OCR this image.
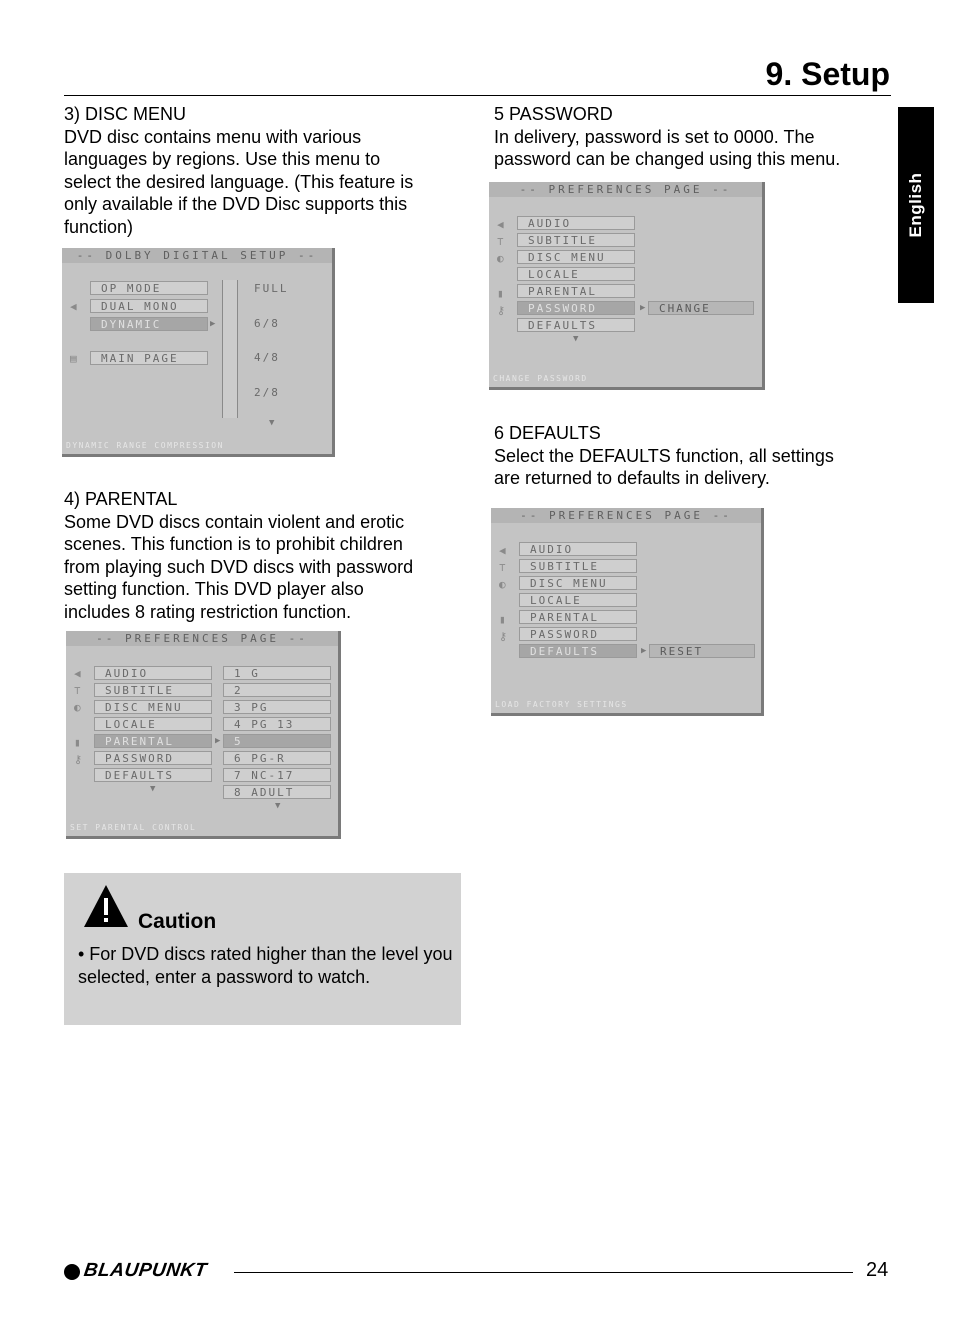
9. Setup
English
3) DISC MENU
DVD disc contains menu with various
languages by regions. Use this menu to
select the desired language. (This feature is
only available if the DVD Disc supports this
function)
-- DOLBY DIGITAL SETUP --
◀
▤
OP MODE
DUAL MONO
DYNAMIC	▶
MAIN PAGE
FULL
6/8
4/8
2/8
▼
DYNAMIC RANGE COMPRESSION
4) PARENTAL
Some DVD discs contain violent and erotic
scenes. This function is to prohibit children
from playing such DVD discs with password
setting function. This DVD player also
includes 8 rating restriction function.
-- PREFERENCES PAGE --
◀
⊤
◐
▮
⚷
AUDIO
SUBTITLE
DISC MENU
LOCALE
PARENTAL
PASSWORD
DEFAULTS
▼
▶
1 G
2
3 PG
4 PG 13
5
6 PG-R
7 NC-17
8 ADULT
▼
SET PARENTAL CONTROL
Caution
• For DVD discs rated higher than the level you selected, enter a password to watch.
5 PASSWORD
In delivery, password is set to 0000. The
password can be changed using this menu.
-- PREFERENCES PAGE --
◀
⊤
◐
▮
⚷
AUDIO
SUBTITLE
DISC MENU
LOCALE
PARENTAL
PASSWORD
DEFAULTS
▼
▶	CHANGE
CHANGE PASSWORD
6 DEFAULTS
Select the DEFAULTS function, all settings
are returned to defaults in delivery.
-- PREFERENCES PAGE --
◀
⊤
◐
▮
⚷
AUDIO
SUBTITLE
DISC MENU
LOCALE
PARENTAL
PASSWORD
DEFAULTS	▶	RESET
LOAD FACTORY SETTINGS
BLAUPUNKT	24
